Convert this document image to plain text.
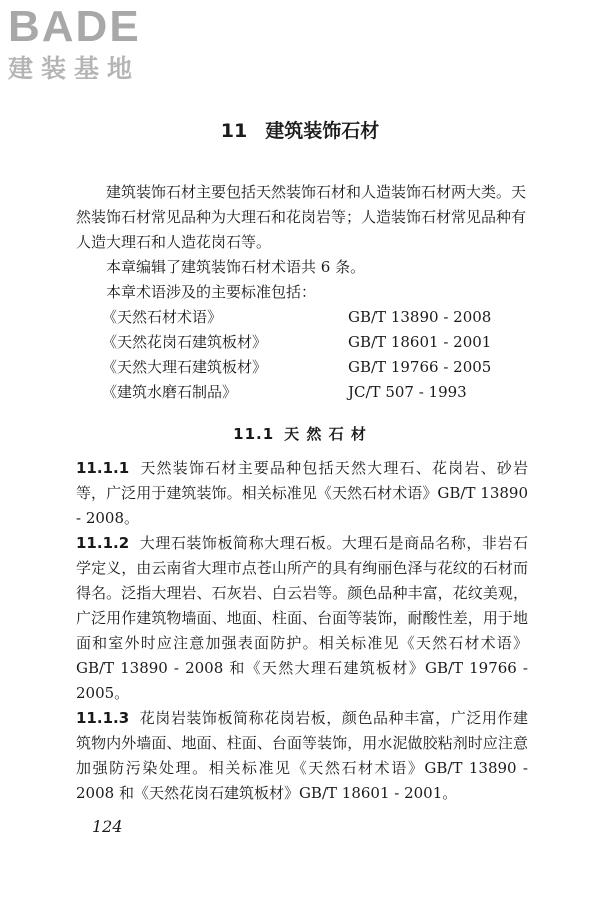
BADE
建装基地
11 建筑装饰石材

建筑装饰石材主要包括天然装饰石材和人造装饰石材两大类。天然装饰石材常见品种为大理石和花岗岩等；人造装饰石材常见品种有人造大理石和人造花岗石等。

本章编辑了建筑装饰石材术语共 6 条。

本章术语涉及的主要标准包括：

《天然石材术语》	GB/T 13890 - 2008
《天然花岗石建筑板材》	GB/T 18601 - 2001
《天然大理石建筑板材》	GB/T 19766 - 2005
《建筑水磨石制品》	JC/T 507 - 1993
11.1 天 然 石 材

11.1.1 天然装饰石材主要品种包括天然大理石、花岗岩、砂岩等，广泛用于建筑装饰。相关标准见《天然石材术语》GB/T 13890 - 2008。

11.1.2 大理石装饰板简称大理石板。大理石是商品名称，非岩石学定义，由云南省大理市点苍山所产的具有绚丽色泽与花纹的石材而得名。泛指大理岩、石灰岩、白云岩等。颜色品种丰富，花纹美观，广泛用作建筑物墙面、地面、柱面、台面等装饰，耐酸性差，用于地面和室外时应注意加强表面防护。相关标准见《天然石材术语》GB/T 13890 - 2008 和《天然大理石建筑板材》GB/T 19766 - 2005。

11.1.3 花岗岩装饰板简称花岗岩板，颜色品种丰富，广泛用作建筑物内外墙面、地面、柱面、台面等装饰，用水泥做胶粘剂时应注意加强防污染处理。相关标准见《天然石材术语》GB/T 13890 - 2008 和《天然花岗石建筑板材》GB/T 18601 - 2001。

124
